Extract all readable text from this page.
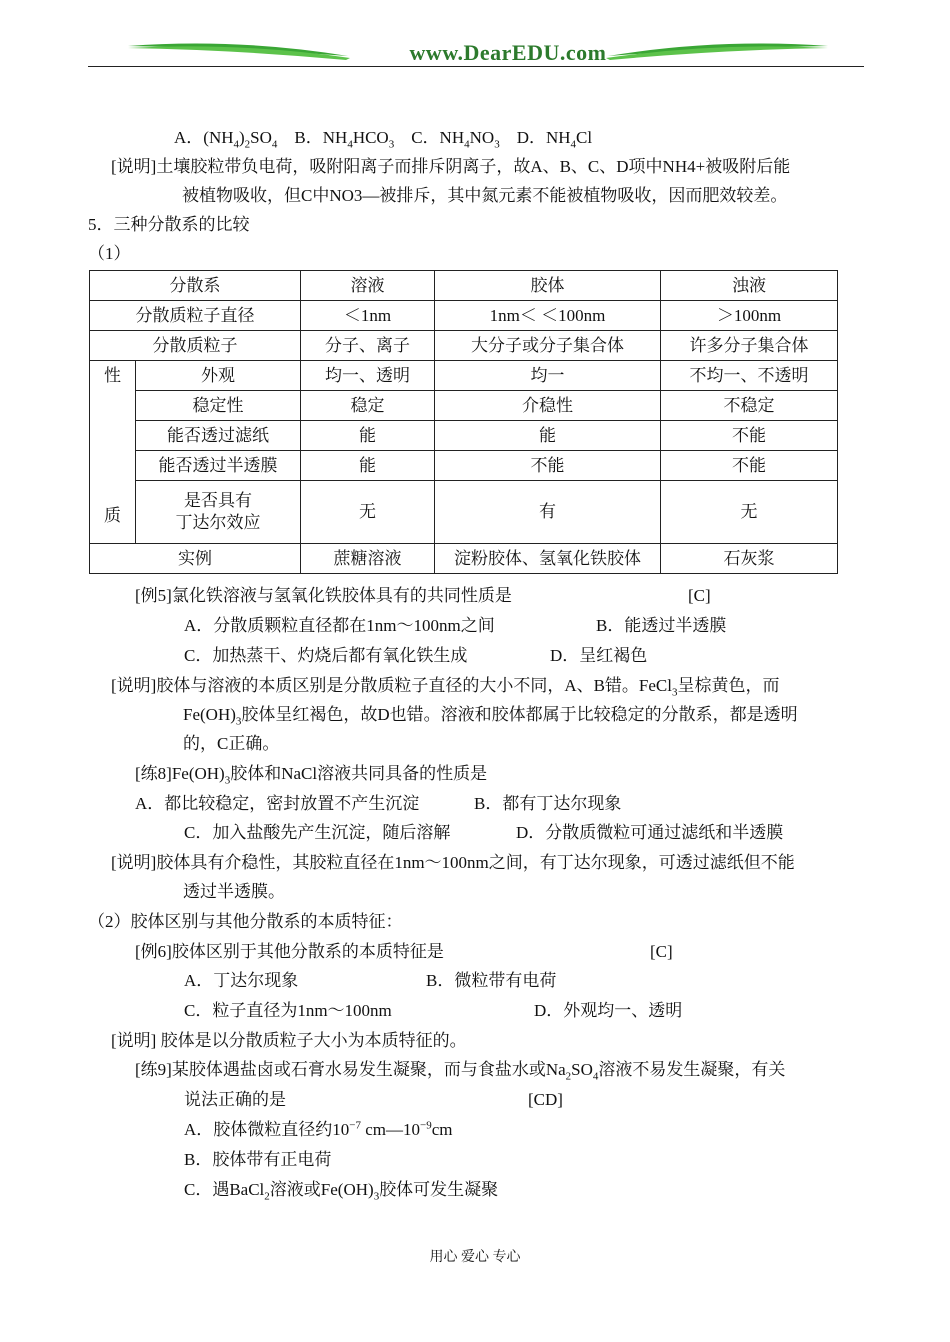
www.DearEDU.com
A．$(NH_4)_2SO_4$ B．$NH_4HCO_3$ C．$NH_4NO_3$ D．$NH_4Cl$
[说明]土壤胶粒带负电荷，吸附阳离子而排斥阴离子，故A、B、C、D项中NH4+被吸附后能
被植物吸收，但C中NO3—被排斥，其中氮元素不能被植物吸收，因而肥效较差。
5．三种分散系的比较
（1）
分散系		溶液	胶体	浊液
分散质粒子直径		＜1nm	1nm＜ ＜100nm	＞100nm
分散质粒子		分子、离子	大分子或分子集合体	许多分子集合体

性
质	外观	均一、透明	均一	不均一、不透明
	稳定性	稳定	介稳性	不稳定
	能否透过滤纸	能	能	不能
	能否透过半透膜	能	不能	不能

	是否具有
丁达尔效应	无	有	无
实例		蔗糖溶液	淀粉胶体、氢氧化铁胶体	石灰浆
[例5]氯化铁溶液与氢氧化铁胶体具有的共同性质是	[C]
A．分散质颗粒直径都在1nm～100nm之间	B．能透过半透膜
C．加热蒸干、灼烧后都有氧化铁生成	D．呈红褐色
[说明]胶体与溶液的本质区别是分散质粒子直径的大小不同，A、B错。FeCl$_3$呈棕黄色，而
$Fe(OH)_3$胶体呈红褐色，故D也错。溶液和胶体都属于比较稳定的分散系，都是透明
的，C正确。
[练$8]Fe(OH)_3$胶体和NaCl溶液共同具备的性质是
A．都比较稳定，密封放置不产生沉淀	B．都有丁达尔现象
C．加入盐酸先产生沉淀，随后溶解	D．分散质微粒可通过滤纸和半透膜
[说明]胶体具有介稳性，其胶粒直径在1nm～100nm之间，有丁达尔现象，可透过滤纸但不能
透过半透膜。
（2）胶体区别与其他分散系的本质特征：
[例6]胶体区别于其他分散系的本质特征是	[C]
A．丁达尔现象	B．微粒带有电荷
C．粒子直径为1nm～100nm	D．外观均一、透明
[说明] 胶体是以分散质粒子大小为本质特征的。
[练9]某胶体遇盐卤或石膏水易发生凝聚，而与食盐水或$Na_2SO_4$溶液不易发生凝聚，有关
说法正确的是	[CD]
A．胶体微粒直径约$10^{-7}$ $cm—10^{-9}cm$
B．胶体带有正电荷
C．遇BaCl$_2$溶液或$Fe(OH)_3$胶体可发生凝聚
用心 爱心 专心
